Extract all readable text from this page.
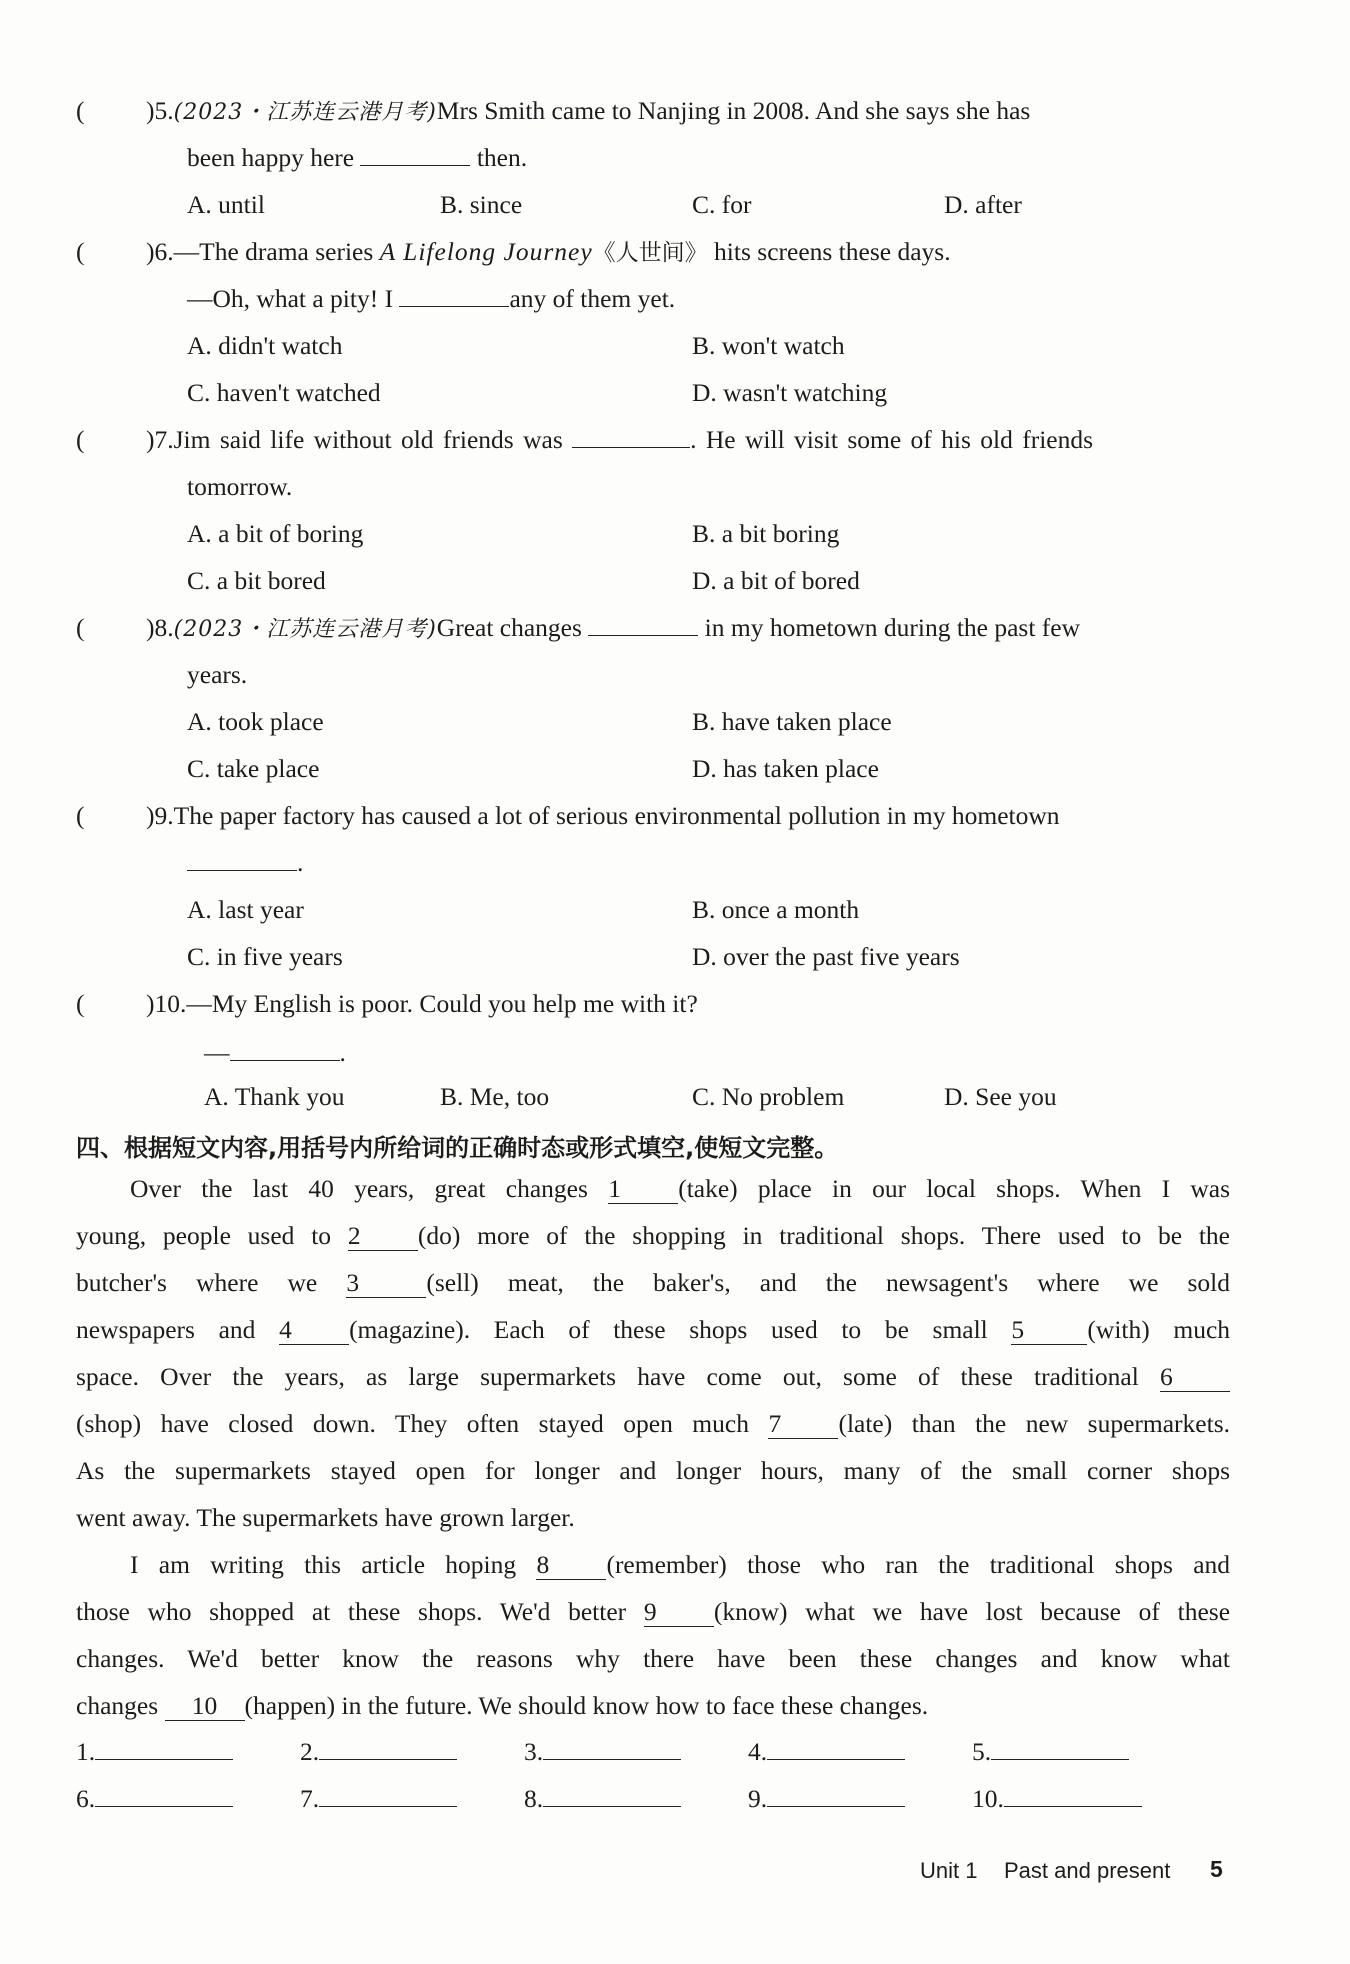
( )5.(2023・江苏连云港月考)Mrs Smith came to Nanjing in 2008. And she says she has
been happy here	then.
A. until	B. since	C. for	D. after
( )6.—The drama series A Lifelong Journey《人世间》 hits screens these days.
—Oh, what a pity! I	any of them yet.
A. didn't watch	B. won't watch
C. haven't watched	D. wasn't watching
( )7.Jim said life without old friends was	. He will visit some of his old friends
tomorrow.
A. a bit of boring	B. a bit boring
C. a bit bored	D. a bit of bored
( )8.(2023・江苏连云港月考)Great changes	in my hometown during the past few
years.
A. took place	B. have taken place
C. take place	D. has taken place
( )9.The paper factory has caused a lot of serious environmental pollution in my hometown
.
A. last year	B. once a month
C. in five years	D. over the past five years
( )10.—My English is poor. Could you help me with it?
—	.
A. Thank you	B. Me, too	C. No problem	D. See you
四、根据短文内容,用括号内所给词的正确时态或形式填空,使短文完整。
Over the last 40 years, great changes 1 (take) place in our local shops. When I was
young, people used to 2 (do) more of the shopping in traditional shops. There used to be the
butcher's where we 3	(sell) meat, the baker's, and the newsagent's where we sold
newspapers and 4 (magazine). Each of these shops used to be small 5 (with) much
space. Over the years, as large supermarkets have come out, some of these traditional 6
(shop) have closed down. They often stayed open much 7 (late) than the new supermarkets.
As the supermarkets stayed open for longer and longer hours, many of the small corner shops
went away. The supermarkets have grown larger.
I am writing this article hoping 8 (remember) those who ran the traditional shops and
those who shopped at these shops. We'd better 9 (know) what we have lost because of these
changes. We'd better know the reasons why there have been these changes and know what
changes 10 (happen) in the future. We should know how to face these changes.
1.	2.	3.	4.	5.
6.	7.	8.	9.	10.
Unit 1 Past and present 5
